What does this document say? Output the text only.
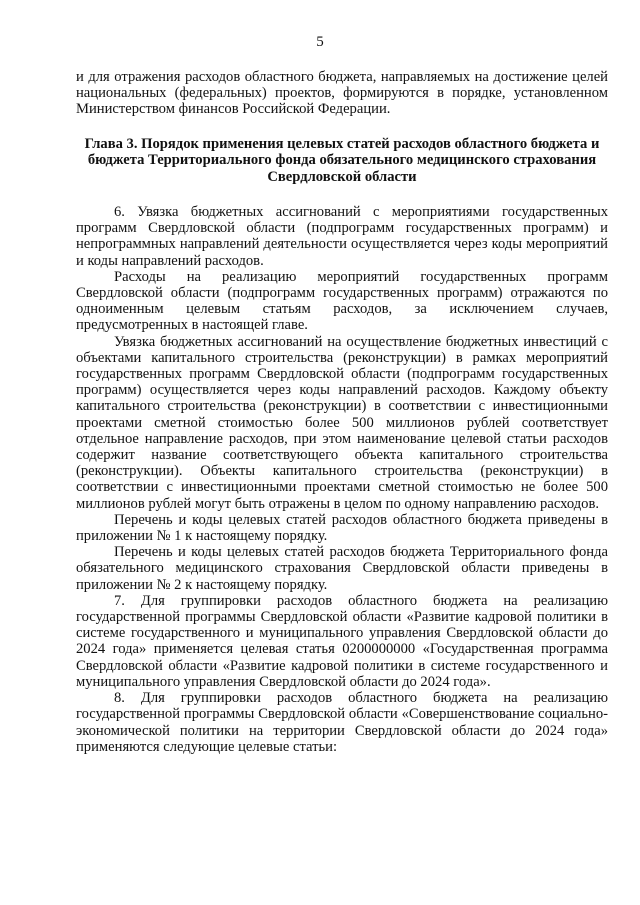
5

и для отражения расходов областного бюджета, направляемых на достижение целей национальных (федеральных) проектов, формируются в порядке, установленном Министерством финансов Российской Федерации.

Глава 3. Порядок применения целевых статей расходов областного бюджета и бюджета Территориального фонда обязательного медицинского страхования Свердловской области

6. Увязка бюджетных ассигнований с мероприятиями государственных программ Свердловской области (подпрограмм государственных программ) и непрограммных направлений деятельности осуществляется через коды мероприятий и коды направлений расходов.

Расходы на реализацию мероприятий государственных программ Свердловской области (подпрограмм государственных программ) отражаются по одноименным целевым статьям расходов, за исключением случаев, предусмотренных в настоящей главе.

Увязка бюджетных ассигнований на осуществление бюджетных инвестиций с объектами капитального строительства (реконструкции) в рамках мероприятий государственных программ Свердловской области (подпрограмм государственных программ) осуществляется через коды направлений расходов. Каждому объекту капитального строительства (реконструкции) в соответствии с инвестиционными проектами сметной стоимостью более 500 миллионов рублей соответствует отдельное направление расходов, при этом наименование целевой статьи расходов содержит название соответствующего объекта капитального строительства (реконструкции). Объекты капитального строительства (реконструкции) в соответствии с инвестиционными проектами сметной стоимостью не более 500 миллионов рублей могут быть отражены в целом по одному направлению расходов.

Перечень и коды целевых статей расходов областного бюджета приведены в приложении № 1 к настоящему порядку.

Перечень и коды целевых статей расходов бюджета Территориального фонда обязательного медицинского страхования Свердловской области приведены в приложении № 2 к настоящему порядку.

7. Для группировки расходов областного бюджета на реализацию государственной программы Свердловской области «Развитие кадровой политики в системе государственного и муниципального управления Свердловской области до 2024 года» применяется целевая статья 0200000000 «Государственная программа Свердловской области «Развитие кадровой политики в системе государственного и муниципального управления Свердловской области до 2024 года».

8. Для группировки расходов областного бюджета на реализацию государственной программы Свердловской области «Совершенствование социально-экономической политики на территории Свердловской области до 2024 года» применяются следующие целевые статьи:
